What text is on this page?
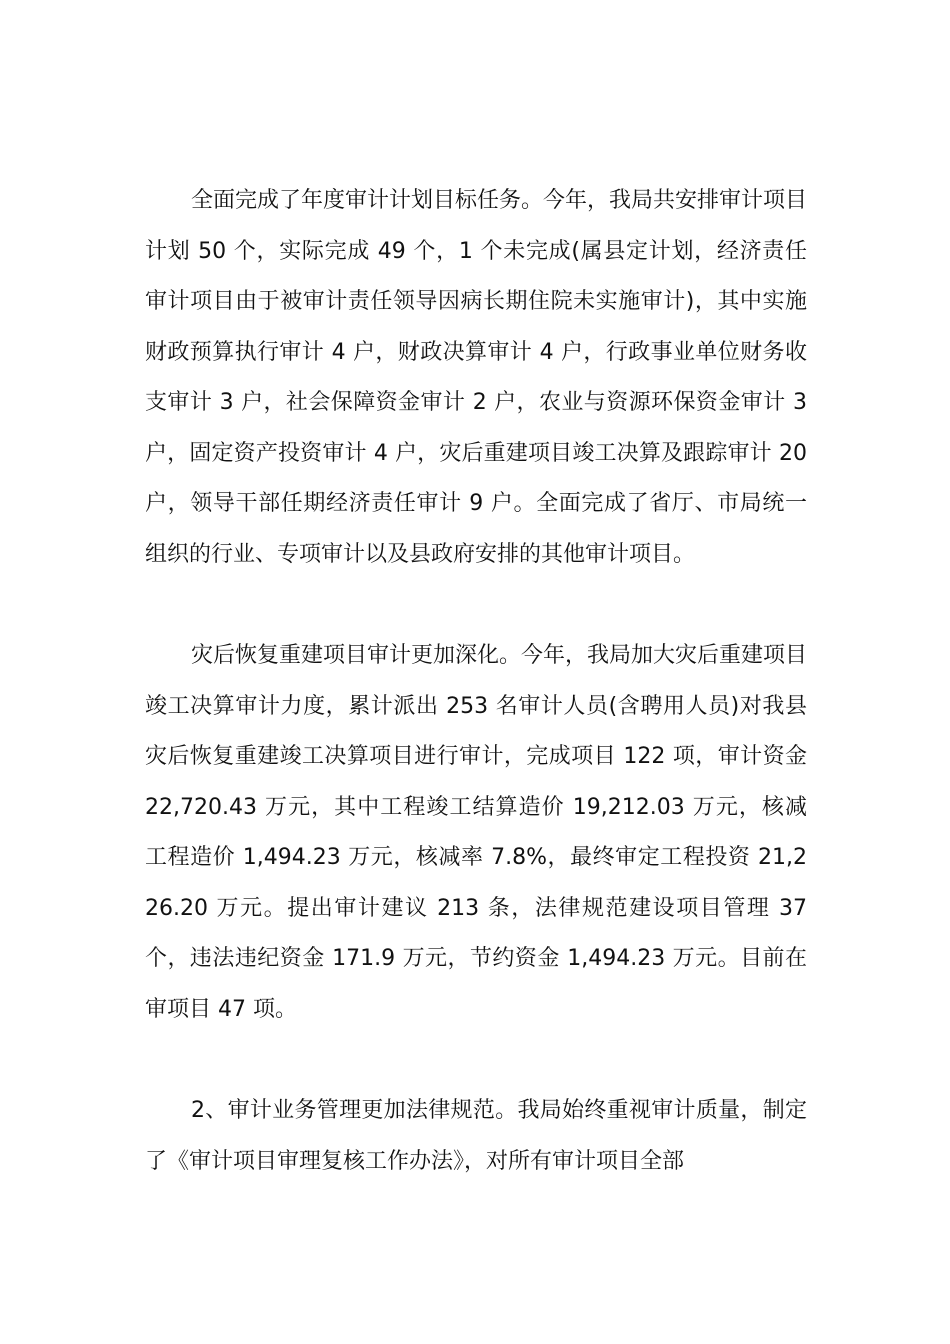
全面完成了年度审计计划目标任务。今年，我局共安排审计项目计划 50 个，实际完成 49 个，1 个未完成(属县定计划，经济责任审计项目由于被审计责任领导因病长期住院未实施审计)，其中实施财政预算执行审计 4 户，财政决算审计 4 户，行政事业单位财务收支审计 3 户，社会保障资金审计 2 户，农业与资源环保资金审计 3 户，固定资产投资审计 4 户，灾后重建项目竣工决算及跟踪审计 20 户，领导干部任期经济责任审计 9 户。全面完成了省厅、市局统一组织的行业、专项审计以及县政府安排的其他审计项目。

灾后恢复重建项目审计更加深化。今年，我局加大灾后重建项目竣工决算审计力度，累计派出 253 名审计人员(含聘用人员)对我县灾后恢复重建竣工决算项目进行审计，完成项目 122 项，审计资金 22,720.43 万元，其中工程竣工结算造价 19,212.03 万元，核减工程造价 1,494.23 万元，核减率 7.8%，最终审定工程投资 21,226.20 万元。提出审计建议 213 条，法律规范建设项目管理 37 个，违法违纪资金 171.9 万元，节约资金 1,494.23 万元。目前在审项目 47 项。

2、审计业务管理更加法律规范。我局始终重视审计质量，制定了《审计项目审理复核工作办法》，对所有审计项目全部
